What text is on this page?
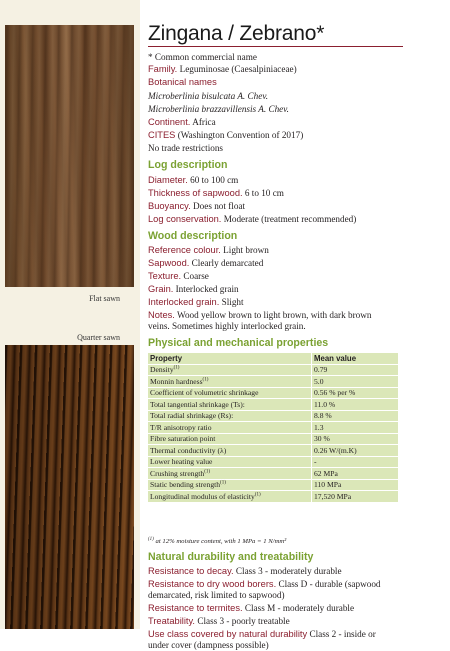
Flat sawn
Quarter sawn
Zingana / Zebrano*
* Common commercial name
Family. Leguminosae (Caesalpiniaceae)
Botanical names
Microberlinia bisulcata A. Chev.
Microberlinia brazzavillensis A. Chev.
Continent. Africa
CITES (Washington Convention of 2017)
No trade restrictions
Log description
Diameter. 60 to 100 cm
Thickness of sapwood. 6 to 10 cm
Buoyancy. Does not float
Log conservation. Moderate (treatment recommended)
Wood description
Reference colour. Light brown
Sapwood. Clearly demarcated
Texture. Coarse
Grain. Interlocked grain
Interlocked grain. Slight
Notes. Wood yellow brown to light brown, with dark brown veins. Sometimes highly interlocked grain.
Physical and mechanical properties
Property	Mean value
Density$^{(1)}$	0.79
Monnin hardness$^{(1)}$	5.0
Coefficient of volumetric shrinkage	0.56 % per %
Total tangential shrinkage (Ts):	11.0 %
Total radial shrinkage (Rs):	8.8 %
T/R anisotropy ratio	1.3
Fibre saturation point	30 %
Thermal conductivity (λ)	0.26 W/(m.K)
Lower heating value	-
Crushing strength$^{(1)}$	62 MPa
Static bending strength$^{(1)}$	110 MPa
Longitudinal modulus of elasticity$^{(1)}$	17,520 MPa
$^{(1)}$ at 12% moisture content, with 1 MPa = 1 N/mm²
Natural durability and treatability
Resistance to decay. Class 3 - moderately durable
Resistance to dry wood borers. Class D - durable (sapwood demarcated, risk limited to sapwood)
Resistance to termites. Class M - moderately durable
Treatability. Class 3 - poorly treatable
Use class covered by natural durability Class 2 - inside or under cover (dampness possible)
